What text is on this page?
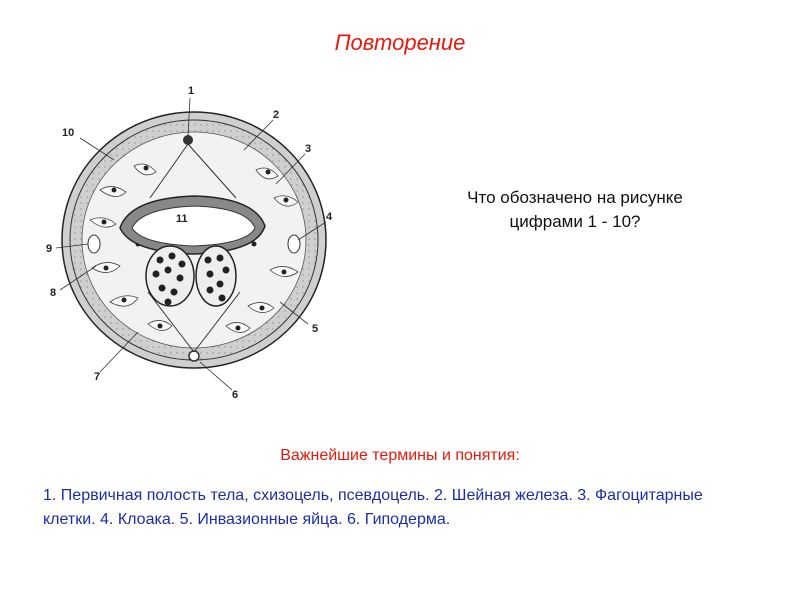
Повторение
1
2
3
4
5
6
7
8
9
10
11
Что обозначено на рисунке
цифрами 1 - 10?
Важнейшие термины и понятия:
1. Первичная полость тела, схизоцель, псевдоцель. 2. Шейная железа. 3. Фагоцитарные клетки. 4. Клоака. 5. Инвазионные яйца. 6. Гиподерма.
